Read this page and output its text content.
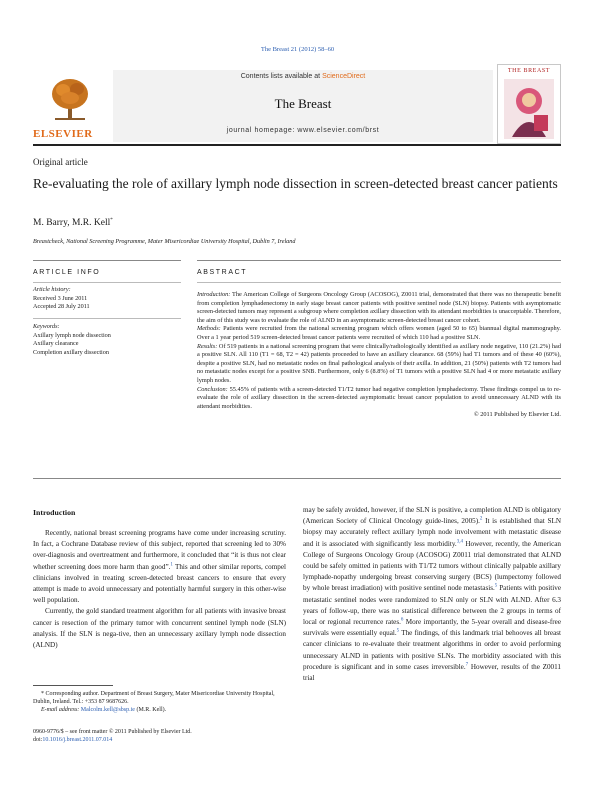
The Breast 21 (2012) 58–60
ELSEVIER
Contents lists available at ScienceDirect
The Breast
journal homepage: www.elsevier.com/brst
THE BREAST
Original article
Re-evaluating the role of axillary lymph node dissection in screen-detected breast cancer patients
M. Barry, M.R. Kell*
Breastcheck, National Screening Programme, Mater Misericordiae University Hospital, Dublin 7, Ireland
ARTICLE INFO
Article history:
Received 3 June 2011
Accepted 28 July 2011
Keywords:
Axillary lymph node dissection
Axillary clearance
Completion axillary dissection
ABSTRACT

Introduction: The American College of Surgeons Oncology Group (ACOSOG), Z0011 trial, demonstrated that there was no therapeutic benefit from completion lymphadenectomy in early stage breast cancer patients with positive sentinel node (SLN) biopsy. Patients with asymptomatic screen-detected tumors may represent a subgroup where completion axillary dissection with its attendant morbidities is unacceptable. Therefore, the aim of this study was to evaluate the role of ALND in an asymptomatic screen-detected breast cancer cohort.

Methods: Patients were recruited from the national screening program which offers women (aged 50 to 65) biannual digital mammography. Over a 1 year period 519 screen-detected breast cancer patients were recruited of which 110 had a positive SLN.

Results: Of 519 patients in a national screening program that were clinically/radiologically identified as axillary node negative, 110 (21.2%) had a positive SLN. All 110 (T1 = 68, T2 = 42) patients proceeded to have an axillary clearance. 68 (59%) had T1 tumors and of these 40 (60%), despite a positive SLN, had no metastatic nodes on final pathological analysis of their axilla. In addition, 21 (50%) patients with T2 tumors had no metastatic nodes except for a positive SNB. Furthermore, only 6 (8.8%) of T1 tumors with a positive SLN had 4 or more metastatic axillary lymph nodes.

Conclusion: 55.45% of patients with a screen-detected T1/T2 tumor had negative completion lymphadectomy. These findings compel us to re-evaluate the role of axillary dissection in the screen-detected asymptomatic breast cancer population to avoid unnecessary ALND with its attendant morbidities.

© 2011 Published by Elsevier Ltd.

Introduction

Recently, national breast screening programs have come under increasing scrutiny. In fact, a Cochrane Database review of this subject, reported that screening led to 30% over-diagnosis and overtreatment and furthermore, it concluded that “it is thus not clear whether screening does more harm than good”.$^1$ This and other similar reports, compel clinicians involved in treating screen-detected breast cancers to ensure that every attempt is made to avoid unnecessary and potentially harmful surgery in this other-wise well population.

Currently, the gold standard treatment algorithm for all patients with invasive breast cancer is resection of the primary tumor with concurrent sentinel lymph node (SLN) analysis. If the SLN is nega-tive, then an unnecessary axillary lymph node dissection (ALND)

may be safely avoided, however, if the SLN is positive, a completion ALND is obligatory (American Society of Clinical Oncology guide-lines, 2005).$^2$ It is established that SLN biopsy may accurately reflect axillary lymph node involvement with metastatic disease and it is associated with significantly less morbidity.$^{3,4}$ However, recently, the American College of Surgeons Oncology Group (ACOSOG) Z0011 trial demonstrated that ALND could be safely omitted in patients with T1/T2 tumors without clinically palpable axillary lymphade-nopathy undergoing breast conserving surgery (BCS) (lumpectomy followed by whole breast irradiation) with positive sentinel node metastasis.$^5$ Patients with positive metastatic sentinel nodes were randomized to SLN only or SLN with ALND. After 6.3 years of follow-up, there was no statistical difference between the 2 groups in terms of local or regional recurrence rates.$^6$ More importantly, the 5-year overall and disease-free survivals were essentially equal.$^5$ The findings, of this landmark trial behooves all breast cancer clinicians to re-evaluate their treatment algorithms in order to avoid performing unnecessary ALND in patients with positive SLNs. The morbidity associated with this procedure is significant and in some cases irreversible.$^7$ However, results of the Z0011 trial

* Corresponding author. Department of Breast Surgery, Mater Misericordiae University Hospital, Dublin, Ireland. Tel.: +353 87 9687626.
E-mail address: Malcolm.kell@sbsp.ie (M.R. Kell).
0960-9776/$ – see front matter © 2011 Published by Elsevier Ltd.
doi:10.1016/j.breast.2011.07.014
